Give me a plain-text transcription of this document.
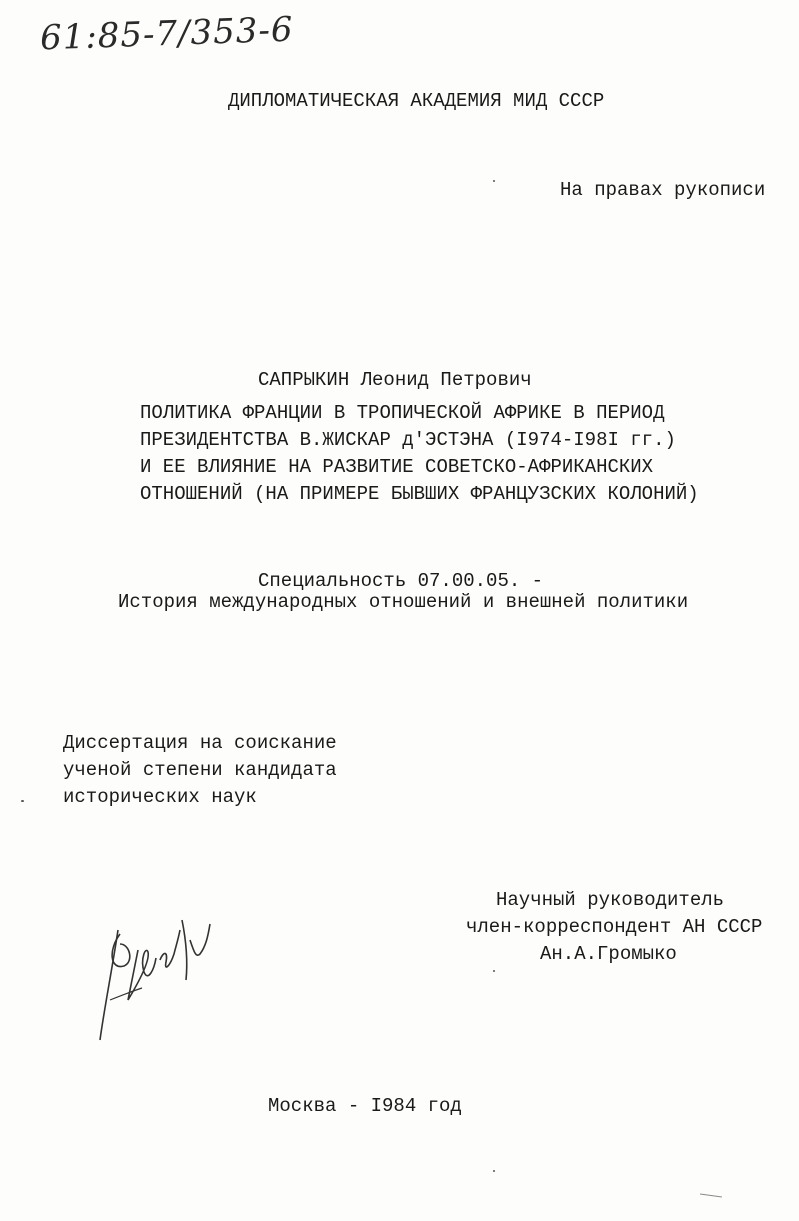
61:85-7/353-6
ДИПЛОМАТИЧЕСКАЯ АКАДЕМИЯ МИД СССР
На правах рукописи
САПРЫКИН Леонид Петрович
ПОЛИТИКА ФРАНЦИИ В ТРОПИЧЕСКОЙ АФРИКЕ В ПЕРИОД
ПРЕЗИДЕНТСТВА В.ЖИСКАР д'ЭСТЭНА (I974-I98I гг.)
И ЕЕ ВЛИЯНИЕ НА РАЗВИТИЕ СОВЕТСКО-АФРИКАНСКИХ
ОТНОШЕНИЙ (НА ПРИМЕРЕ БЫВШИХ ФРАНЦУЗСКИХ КОЛОНИЙ)
Специальность 07.00.05. -
История международных отношений и внешней политики
Диссертация на соискание
ученой степени кандидата
исторических наук
Научный руководитель
член-корреспондент АН СССР
Ан.А.Громыко
Москва - I984 год
